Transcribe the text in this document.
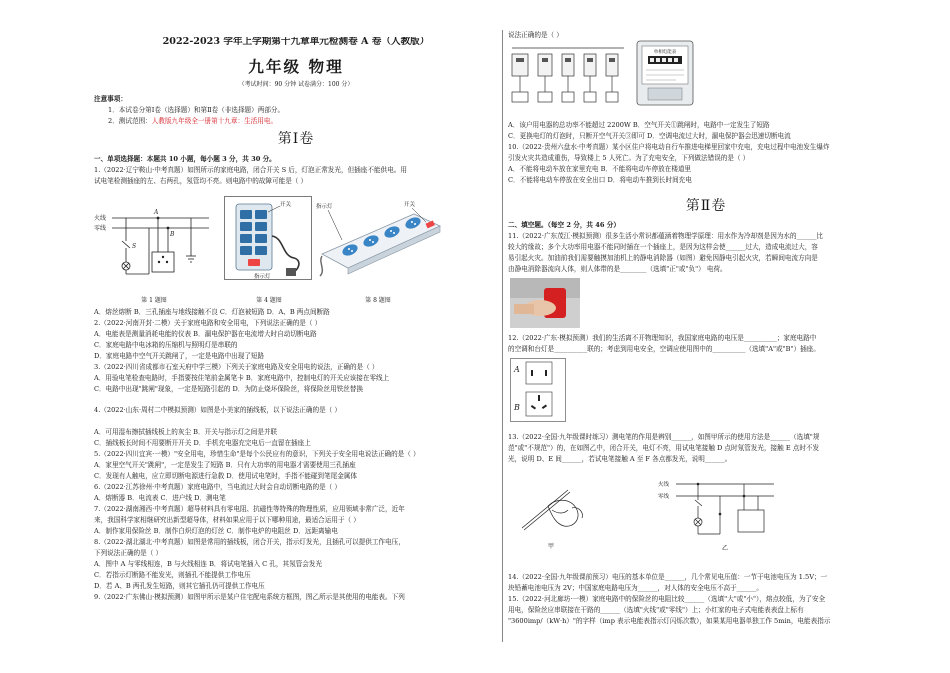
2022-2023 学年上学期第十九章单元检测卷 A 卷（人教版）
九年级 物理
（考试时间：90 分钟 试卷满分：100 分）
注意事项：
1．本试卷分第Ⅰ卷（选择题）和第Ⅱ卷（非选择题）两部分。
2．测试范围：人教版九年级全一册第十九章：生活用电。
第Ⅰ卷
一、单项选择题：本题共 10 小题，每小题 3 分，共 30 分。
1.（2022·辽宁鞍山·中考真题）如图所示的家庭电路，闭合开关 S 后，灯泡正常发光，但插座不能供电。用
试电笔检测插座的左、右两孔，氖管均不亮。则电路中的故障可能是（ ）
火线
零线
A
B
S
开关
指示灯
指示灯	开关
第 1 题图	第 4 题图	第 8 题图
A．熔丝熔断 B．三孔插座与地线接触不良 C．灯泡被短路 D．A、B 两点间断路
2.（2022·河南开封·二模）关于家庭电路和安全用电，下列说法正确的是（ ）
A．电能表是测量消耗电能的仪表 B．漏电保护器在电流增大时自动切断电路
C．家庭电路中电冰箱的压缩机与照明灯是串联的
D．家庭电路中空气开关跳闸了，一定是电路中出现了短路
3.（2022·四川省成都市石室天府中学三模）下列关于家庭电路及安全用电的说法，正确的是（ ）
A．用验电笔检查电路时，手指要按住笔前金属笔卡 B．家庭电路中，控制电灯的开关应该接在零线上
C．电路中出现"跳闸"现象，一定是短路引起的 D．为防止烧坏保险丝，将保险丝用铁丝替换
4.（2022·山东·周村二中模拟预测）如图是小美家的插线板，以下说法正确的是（ ）
A．可用湿布擦拭插线板上的灰尘 B．开关与指示灯之间是并联
C．插线板长时间不用要断开开关 D．手机充电器充完电后一直留在插座上
5.（2022·四川宜宾·一模）"安全用电，珍惜生命"是每个公民应有的意识，下列关于安全用电说法正确的是（ ）
A．家里空气开关"跳闸"，一定是发生了短路 B．只有大功率的用电器才需要使用三孔插座
C．发现有人触电，应立即切断电源进行急救 D．使用试电笔时，手指不能碰到笔尾金属体
6.（2022·江苏徐州·中考真题）家庭电路中，当电流过大时会自动切断电路的是（ ）
A．熔断器 B．电流表 C．进户线 D．测电笔
7.（2022·湖南湘西·中考真题）超导材料具有零电阻、抗磁性等特殊的物理性质，应用领域非常广泛，近年
来，我国科学家相继研究出新型超导体，材料如果应用于以下哪种用途，最适合运用于（ ）
A．制作家用保险丝 B．制作白炽灯泡的灯丝 C．制作电炉的电阻丝 D．远距离输电
8.（2022·湖北湖北·中考真题）如图是常用的插线板，闭合开关，指示灯发光，且插孔可以提供工作电压，
下列说法正确的是（ ）
A．图中 A 与零线相连，B 与火线相连 B．将试电笔插入 C 孔，其氖管会发光
C．若指示灯断路不能发光，则插孔不能提供工作电压
D．若 A、B 两孔发生短路，则其它插孔仍可提供工作电压
9.（2022·广东佛山·模拟预测）如图甲所示是某户住宅配电系统方框图，图乙所示是其使用的电能表。下列
说法正确的是（ ）
单相电能表
A．该户用电器的总功率不能超过 2200W B．空气开关①跳闸时，电路中一定发生了短路
C．更换电灯的灯泡时，只断开空气开关③即可 D．空调电流过大时，漏电保护器会迅速切断电流
10.（2022·贵州六盘水·中考真题）某小区住户将电动自行车推进电梯里回家中充电，充电过程中电池发生爆炸
引发火灾共造成重伤，导致楼上 5 人死亡。为了充电安全，下列做法错误的是（ ）
A．不能将电动车放在家里充电 B．不能将电动车停放在楼道里
C．不能将电动车停放在安全出口 D．将电动车推到长时间充电
第Ⅱ卷
二、填空题。（每空 2 分，共 46 分）
11.（2022·广东茂江·模拟预测）很多生活小常识都蕴涵着物理学原理：用水作为冷却剂是因为水的______比
较大的缘故；多个大功率用电器不能同时插在一个插座上，是因为这样会使______过大，造成电流过大，容
易引起火灾。加油前我们需要触摸加油机上的静电消除器（如图）避免因静电引起火灾，若瞬间电流方向是
由静电消除器流向人体，则人体带的是________（选填"正"或"负"） 电荷。
12.（2022·广东·模拟预测）我们的生活离不开物理知识，我国家庭电路的电压是__________；家庭电路中
的空调和台灯是__________联的；考虑到用电安全，空调应使用图中的__________（选填"A"或"B"）插座。
A
B
13.（2022·全国·九年级课时练习）测电笔的作用是辨别______，如图甲所示的使用方法是______（选填"规
范"或"不规范"）的，在如图乙中，闭合开关，电灯不亮，用试电笔接触 D 点时氖管发光，接触 E 点时不发
光，说明 D、E 间______，若试电笔接触 A 至 F 各点都发光，说明______。
甲
火线
零线
乙
14.（2022·全国·九年级课前预习）电压的基本单位是______，几个常见电压值：一节干电池电压为 1.5V；一
块铅蓄电池电压为 2V；中国家庭电路电压为______，对人体的安全电压不高于______。
15.（2022·河北廊坊·一模）家庭电路中的保险丝的电阻比较______（选填"大"或"小"），熔点较低，为了安全
用电，保险丝应串联接在干路的______（选填"火线"或"零线"）上；小红家的电子式电能表表盘上标有
"3600imp/（kW·h）"的字样（imp 表示电能表指示灯闪烁次数），如果某用电器单独工作 5min，电能表指示
